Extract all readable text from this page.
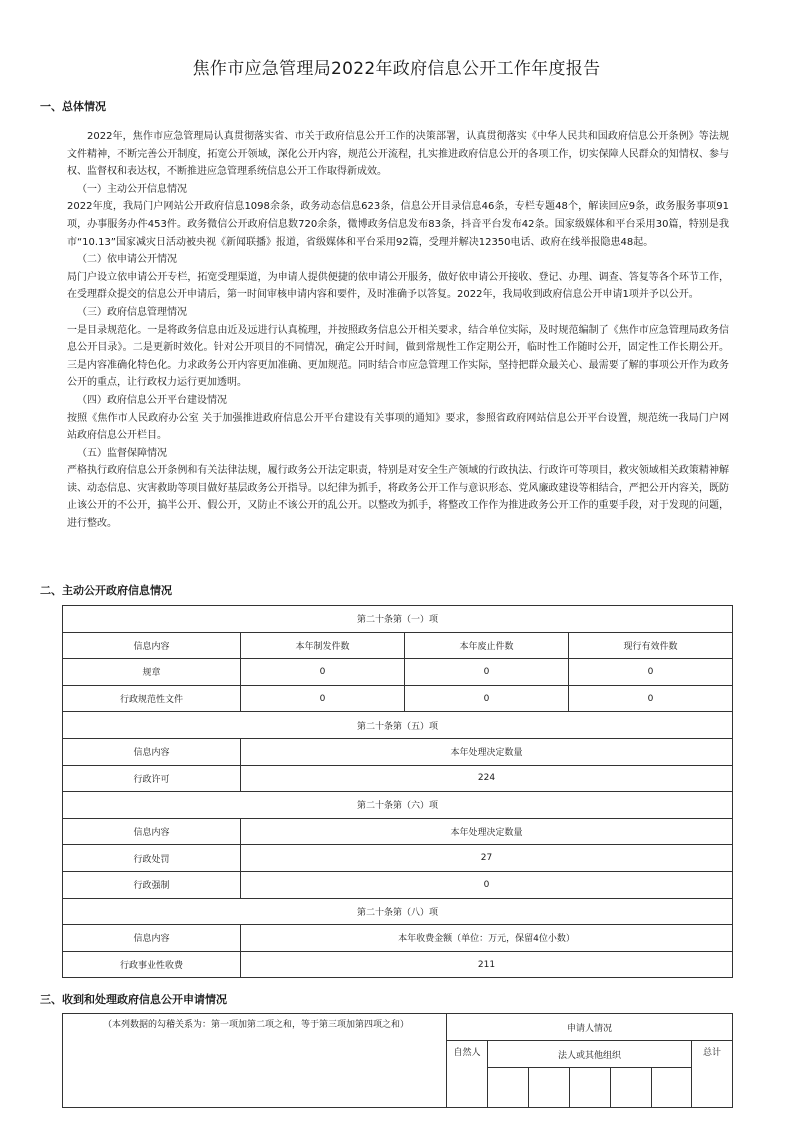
焦作市应急管理局2022年政府信息公开工作年度报告
一、总体情况

2022年，焦作市应急管理局认真贯彻落实省、市关于政府信息公开工作的决策部署，认真贯彻落实《中华人民共和国政府信息公开条例》等法规文件精神，不断完善公开制度，拓宽公开领域，深化公开内容，规范公开流程，扎实推进政府信息公开的各项工作，切实保障人民群众的知情权、参与权、监督权和表达权，不断推进应急管理系统信息公开工作取得新成效。

（一）主动公开信息情况

2022年度，我局门户网站公开政府信息1098余条，政务动态信息623条，信息公开目录信息46条，专栏专题48个，解读回应9条，政务服务事项91项，办事服务办件453件。政务微信公开政府信息数720余条，微博政务信息发布83条，抖音平台发布42条。国家级媒体和平台采用30篇，特别是我市“10.13”国家减灾日活动被央视《新闻联播》报道，省级媒体和平台采用92篇，受理并解决12350电话、政府在线举报隐患48起。

（二）依申请公开情况

局门户设立依申请公开专栏，拓宽受理渠道，为申请人提供便捷的依申请公开服务，做好依申请公开接收、登记、办理、调查、答复等各个环节工作，在受理群众提交的信息公开申请后，第一时间审核申请内容和要件，及时准确予以答复。2022年，我局收到政府信息公开申请1项并予以公开。

（三）政府信息管理情况

一是目录规范化。一是将政务信息由近及远进行认真梳理，并按照政务信息公开相关要求，结合单位实际，及时规范编制了《焦作市应急管理局政务信息公开目录》。二是更新时效化。针对公开项目的不同情况，确定公开时间，做到常规性工作定期公开，临时性工作随时公开，固定性工作长期公开。三是内容准确化特色化。力求政务公开内容更加准确、更加规范。同时结合市应急管理工作实际，坚持把群众最关心、最需要了解的事项公开作为政务公开的重点，让行政权力运行更加透明。

（四）政府信息公开平台建设情况

按照《焦作市人民政府办公室 关于加强推进政府信息公开平台建设有关事项的通知》要求，参照省政府网站信息公开平台设置，规范统一我局门户网站政府信息公开栏目。

（五）监督保障情况

严格执行政府信息公开条例和有关法律法规，履行政务公开法定职责，特别是对安全生产领域的行政执法、行政许可等项目，救灾领域相关政策精神解读、动态信息、灾害救助等项目做好基层政务公开指导。以纪律为抓手，将政务公开工作与意识形态、党风廉政建设等相结合，严把公开内容关，既防止该公开的不公开，搞半公开、假公开，又防止不该公开的乱公开。以整改为抓手，将整改工作作为推进政务公开工作的重要手段，对于发现的问题，进行整改。

二、主动公开政府信息情况
第二十条第（一）项			
信息内容	本年制发件数	本年废止件数	现行有效件数
规章	0	0	0
行政规范性文件	0	0	0
第二十条第（五）项			
信息内容	本年处理决定数量		
行政许可	224		
第二十条第（六）项			
信息内容	本年处理决定数量		
行政处罚	27		
行政强制	0		
第二十条第（八）项			
信息内容	本年收费金额（单位：万元，保留4位小数）		
行政事业性收费	211		
三、收到和处理政府信息公开申请情况
（本列数据的勾稽关系为：第一项加第二项之和，等于第三项加第四项之和）	申请人情况						
	自然人	法人或其他组织					总计
